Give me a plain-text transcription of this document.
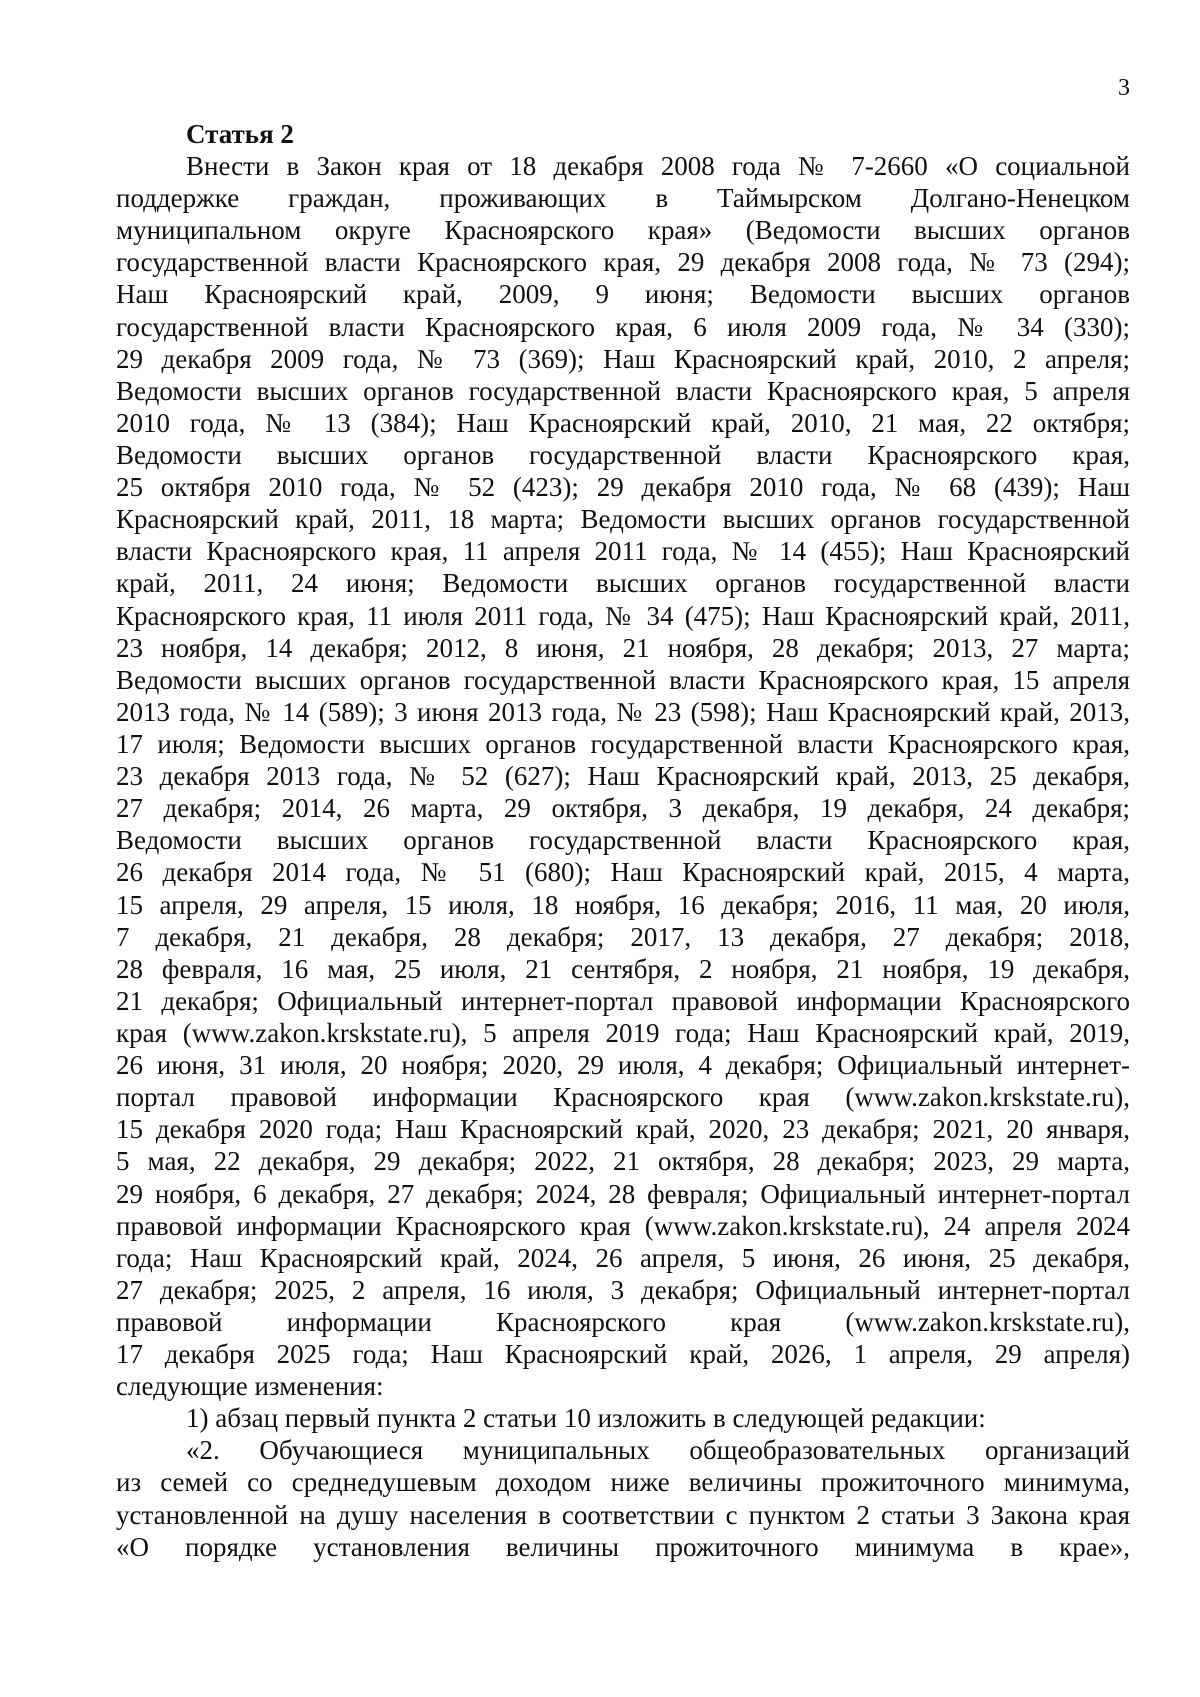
3
Статья 2
Внести в Закон края от 18 декабря 2008 года № 7-2660 «О социальной
поддержке граждан, проживающих в Таймырском Долгано-Ненецком
муниципальном округе Красноярского края» (Ведомости высших органов
государственной власти Красноярского края, 29 декабря 2008 года, № 73 (294);
Наш Красноярский край, 2009, 9 июня; Ведомости высших органов
государственной власти Красноярского края, 6 июля 2009 года, № 34 (330);
29 декабря 2009 года, № 73 (369); Наш Красноярский край, 2010, 2 апреля;
Ведомости высших органов государственной власти Красноярского края, 5 апреля
2010 года, № 13 (384); Наш Красноярский край, 2010, 21 мая, 22 октября;
Ведомости высших органов государственной власти Красноярского края,
25 октября 2010 года, № 52 (423); 29 декабря 2010 года, № 68 (439); Наш
Красноярский край, 2011, 18 марта; Ведомости высших органов государственной
власти Красноярского края, 11 апреля 2011 года, № 14 (455); Наш Красноярский
край, 2011, 24 июня; Ведомости высших органов государственной власти
Красноярского края, 11 июля 2011 года, № 34 (475); Наш Красноярский край, 2011,
23 ноября, 14 декабря; 2012, 8 июня, 21 ноября, 28 декабря; 2013, 27 марта;
Ведомости высших органов государственной власти Красноярского края, 15 апреля
2013 года, № 14 (589); 3 июня 2013 года, № 23 (598); Наш Красноярский край, 2013,
17 июля; Ведомости высших органов государственной власти Красноярского края,
23 декабря 2013 года, № 52 (627); Наш Красноярский край, 2013, 25 декабря,
27 декабря; 2014, 26 марта, 29 октября, 3 декабря, 19 декабря, 24 декабря;
Ведомости высших органов государственной власти Красноярского края,
26 декабря 2014 года, № 51 (680); Наш Красноярский край, 2015, 4 марта,
15 апреля, 29 апреля, 15 июля, 18 ноября, 16 декабря; 2016, 11 мая, 20 июля,
7 декабря, 21 декабря, 28 декабря; 2017, 13 декабря, 27 декабря; 2018,
28 февраля, 16 мая, 25 июля, 21 сентября, 2 ноября, 21 ноября, 19 декабря,
21 декабря; Официальный интернет-портал правовой информации Красноярского
края (www.zakon.krskstate.ru), 5 апреля 2019 года; Наш Красноярский край, 2019,
26 июня, 31 июля, 20 ноября; 2020, 29 июля, 4 декабря; Официальный интернет-
портал правовой информации Красноярского края (www.zakon.krskstate.ru),
15 декабря 2020 года; Наш Красноярский край, 2020, 23 декабря; 2021, 20 января,
5 мая, 22 декабря, 29 декабря; 2022, 21 октября, 28 декабря; 2023, 29 марта,
29 ноября, 6 декабря, 27 декабря; 2024, 28 февраля; Официальный интернет-портал
правовой информации Красноярского края (www.zakon.krskstate.ru), 24 апреля 2024
года; Наш Красноярский край, 2024, 26 апреля, 5 июня, 26 июня, 25 декабря,
27 декабря; 2025, 2 апреля, 16 июля, 3 декабря; Официальный интернет-портал
правовой информации Красноярского края (www.zakon.krskstate.ru),
17 декабря 2025 года; Наш Красноярский край, 2026, 1 апреля, 29 апреля)
следующие изменения:
1) абзац первый пункта 2 статьи 10 изложить в следующей редакции:
«2. Обучающиеся муниципальных общеобразовательных организаций
из семей со среднедушевым доходом ниже величины прожиточного минимума,
установленной на душу населения в соответствии с пунктом 2 статьи 3 Закона края
«О порядке установления величины прожиточного минимума в крае»,
